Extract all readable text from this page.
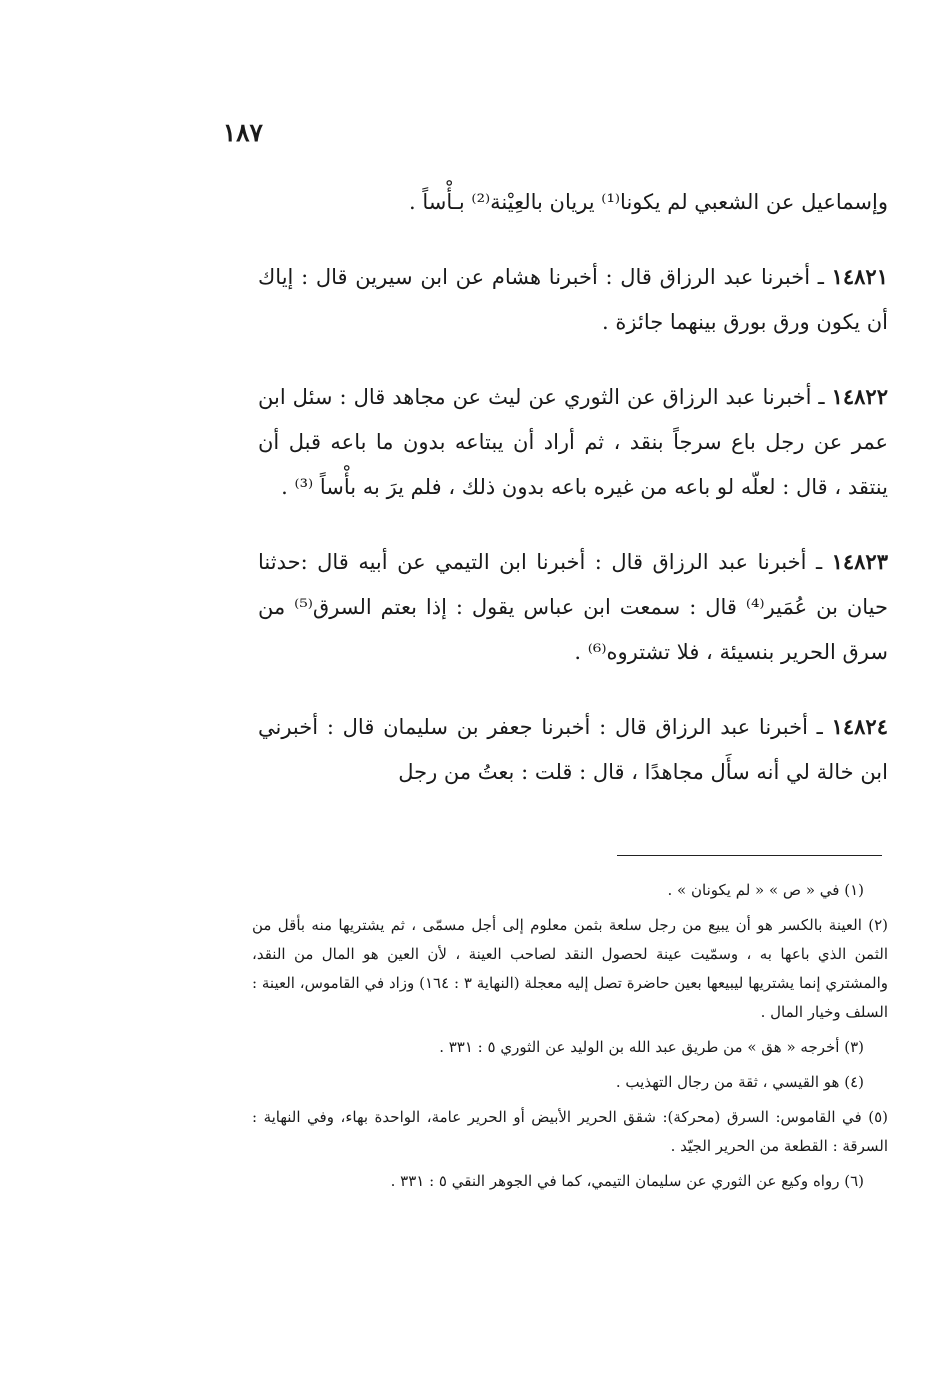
١٨٧

وإسماعيل عن الشعبي لم يكونا⁽¹⁾ يريان بالعِيْنة⁽²⁾ بـأْساً .

١٤٨٢١ ـ أخبرنا عبد الرزاق قال : أخبرنا هشام عن ابن سيرين قال : إياك أن يكون ورق بورق بينهما جائزة .

١٤٨٢٢ ـ أخبرنا عبد الرزاق عن الثوري عن ليث عن مجاهد قال : سئل ابن عمر عن رجل باع سرجاً بنقد ، ثم أراد أن يبتاعه بدون ما باعه قبل أن ينتقد ، قال : لعلّه لو باعه من غيره باعه بدون ذلك ، فلم يرَ به بأْساً ⁽³⁾ .

١٤٨٢٣ ـ أخبرنا عبد الرزاق قال : أخبرنا ابن التيمي عن أبيه قال :حدثنا حيان بن عُمَير⁽⁴⁾ قال : سمعت ابن عباس يقول : إذا بعتم السرق⁽⁵⁾ من سرق الحرير بنسيئة ، فلا تشتروه⁽⁶⁾ .

١٤٨٢٤ ـ أخبرنا عبد الرزاق قال : أخبرنا جعفر بن سليمان قال : أخبرني ابن خالة لي أنه سأَل مجاهدًا ، قال : قلت : بعتُ من رجل

(١) في « ص » « لم يكونان » .

(٢) العينة بالكسر هو أن يبيع من رجل سلعة بثمن معلوم إلى أجل مسمّى ، ثم يشتريها منه بأقل من الثمن الذي باعها به ، وسمّيت عينة لحصول النقد لصاحب العينة ، لأن العين هو المال من النقد، والمشتري إنما يشتريها ليبيعها بعين حاضرة تصل إليه معجلة (النهاية ٣ : ١٦٤) وزاد في القاموس، العينة : السلف وخيار المال .

(٣) أخرجه « هق » من طريق عبد الله بن الوليد عن الثوري ٥ : ٣٣١ .

(٤) هو القيسي ، ثقة من رجال التهذيب .

(٥) في القاموس: السرق (محركة): شقق الحرير الأبيض أو الحرير عامة، الواحدة بهاء، وفي النهاية : السرقة : القطعة من الحرير الجيّد .

(٦) رواه وكيع عن الثوري عن سليمان التيمي، كما في الجوهر النقي ٥ : ٣٣١ .
